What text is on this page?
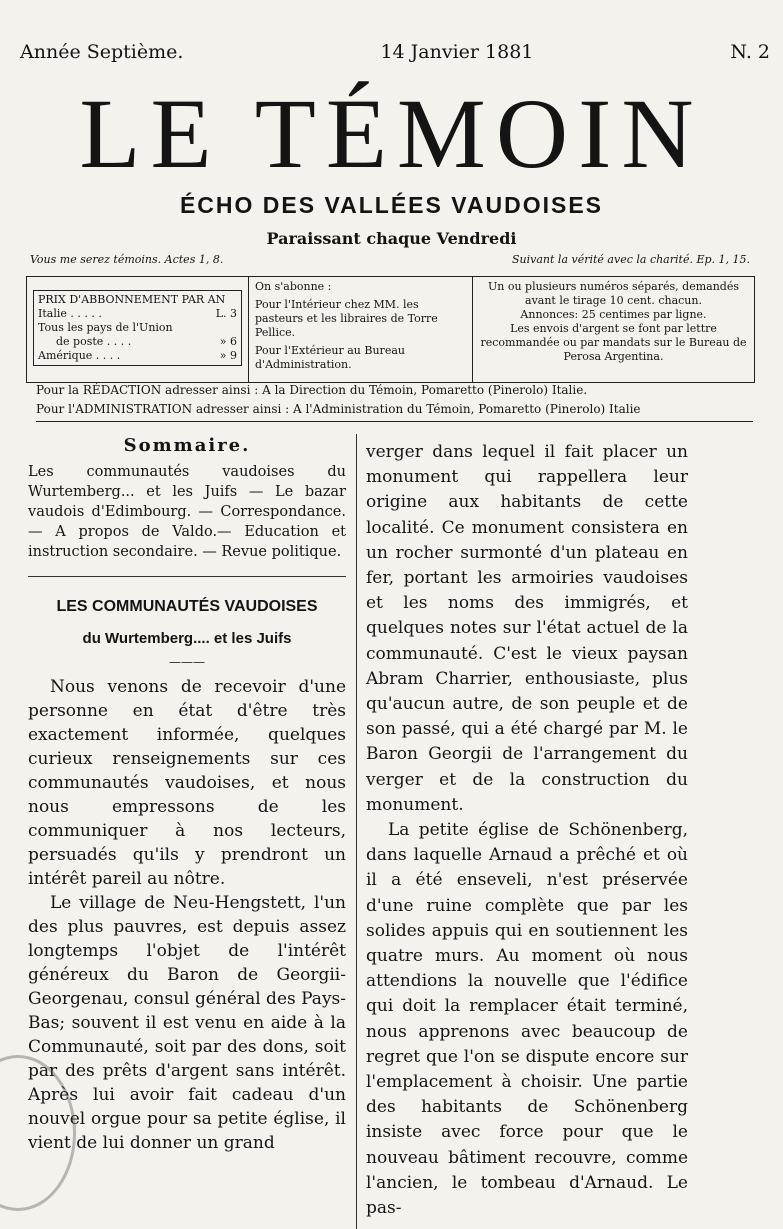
Année Septième.	14 Janvier 1881	N. 2
LE TÉMOIN
ÉCHO DES VALLÉES VAUDOISES
Paraissant chaque Vendredi
Vous me serez témoins. Actes 1, 8.	Suivant la vérité avec la charité. Ep. 1, 15.
PRIX D'ABBONNEMENT PAR AN
Italie . . . . .	L. 3
Tous les pays de l'Union
de poste . . . .	» 6
Amérique . . . .	» 9
On s'abonne :
Pour l'Intérieur chez MM. les pasteurs et les libraires de Torre Pellice.
Pour l'Extérieur au Bureau d'Administration.
Un ou plusieurs numéros séparés, demandés avant le tirage 10 cent. chacun.
Annonces: 25 centimes par ligne.
Les envois d'argent se font par lettre recommandée ou par mandats sur le Bureau de Perosa Argentina.
Pour la RÉDACTION adresser ainsi : A la Direction du Témoin, Pomaretto (Pinerolo) Italie.
Pour l'ADMINISTRATION adresser ainsi : A l'Administration du Témoin, Pomaretto (Pinerolo) Italie
Sommaire.
Les communautés vaudoises du Wurtemberg... et les Juifs — Le bazar vaudois d'Edimbourg. — Correspondance. — A propos de Valdo.— Education et instruction secondaire. — Revue politique.
LES COMMUNAUTÉS VAUDOISES
du Wurtemberg.... et les Juifs
———

Nous venons de recevoir d'une personne en état d'être très exactement informée, quelques curieux renseignements sur ces communautés vaudoises, et nous nous empressons de les communiquer à nos lecteurs, persuadés qu'ils y prendront un intérêt pareil au nôtre.

Le village de Neu-Hengstett, l'un des plus pauvres, est depuis assez longtemps l'objet de l'intérêt généreux du Baron de Georgii-Georgenau, consul général des Pays-Bas; souvent il est venu en aide à la Communauté, soit par des dons, soit par des prêts d'argent sans intérêt. Après lui avoir fait cadeau d'un nouvel orgue pour sa petite église, il vient de lui donner un grand

verger dans lequel il fait placer un monument qui rappellera leur origine aux habitants de cette localité. Ce monument consistera en un rocher surmonté d'un plateau en fer, portant les armoiries vaudoises et les noms des immigrés, et quelques notes sur l'état actuel de la communauté. C'est le vieux paysan Abram Charrier, enthousiaste, plus qu'aucun autre, de son peuple et de son passé, qui a été chargé par M. le Baron Georgii de l'arrangement du verger et de la construction du monument.

La petite église de Schönenberg, dans laquelle Arnaud a prêché et où il a été enseveli, n'est préservée d'une ruine complète que par les solides appuis qui en soutiennent les quatre murs. Au moment où nous attendions la nouvelle que l'édifice qui doit la remplacer était terminé, nous apprenons avec beaucoup de regret que l'on se dispute encore sur l'emplacement à choisir. Une partie des habitants de Schönenberg insiste avec force pour que le nouveau bâtiment recouvre, comme l'ancien, le tombeau d'Arnaud. Le pas-
